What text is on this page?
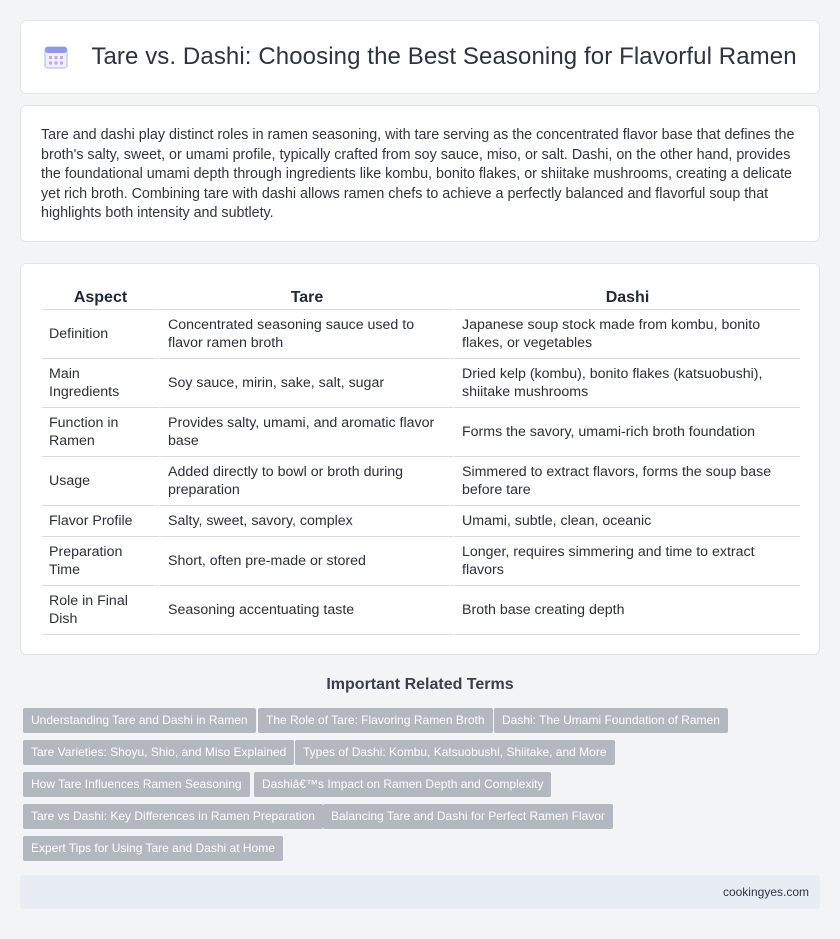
Tare vs. Dashi: Choosing the Best Seasoning for Flavorful Ramen

Tare and dashi play distinct roles in ramen seasoning, with tare serving as the concentrated flavor base that defines the broth's salty, sweet, or umami profile, typically crafted from soy sauce, miso, or salt. Dashi, on the other hand, provides the foundational umami depth through ingredients like kombu, bonito flakes, or shiitake mushrooms, creating a delicate yet rich broth. Combining tare with dashi allows ramen chefs to achieve a perfectly balanced and flavorful soup that highlights both intensity and subtlety.

Aspect	Tare	Dashi
Definition	Concentrated seasoning sauce used to flavor ramen broth	Japanese soup stock made from kombu, bonito flakes, or vegetables
Main Ingredients	Soy sauce, mirin, sake, salt, sugar	Dried kelp (kombu), bonito flakes (katsuobushi), shiitake mushrooms
Function in Ramen	Provides salty, umami, and aromatic flavor base	Forms the savory, umami-rich broth foundation
Usage	Added directly to bowl or broth during preparation	Simmered to extract flavors, forms the soup base before tare
Flavor Profile	Salty, sweet, savory, complex	Umami, subtle, clean, oceanic
Preparation Time	Short, often pre-made or stored	Longer, requires simmering and time to extract flavors
Role in Final Dish	Seasoning accentuating taste	Broth base creating depth
Important Related Terms
Understanding Tare and Dashi in Ramen	The Role of Tare: Flavoring Ramen Broth	Dashi: The Umami Foundation of Ramen
Tare Varieties: Shoyu, Shio, and Miso Explained	Types of Dashi: Kombu, Katsuobushi, Shiitake, and More
How Tare Influences Ramen Seasoning	Dashiâ€™s Impact on Ramen Depth and Complexity
Tare vs Dashi: Key Differences in Ramen Preparation	Balancing Tare and Dashi for Perfect Ramen Flavor
Expert Tips for Using Tare and Dashi at Home
cookingyes.com
